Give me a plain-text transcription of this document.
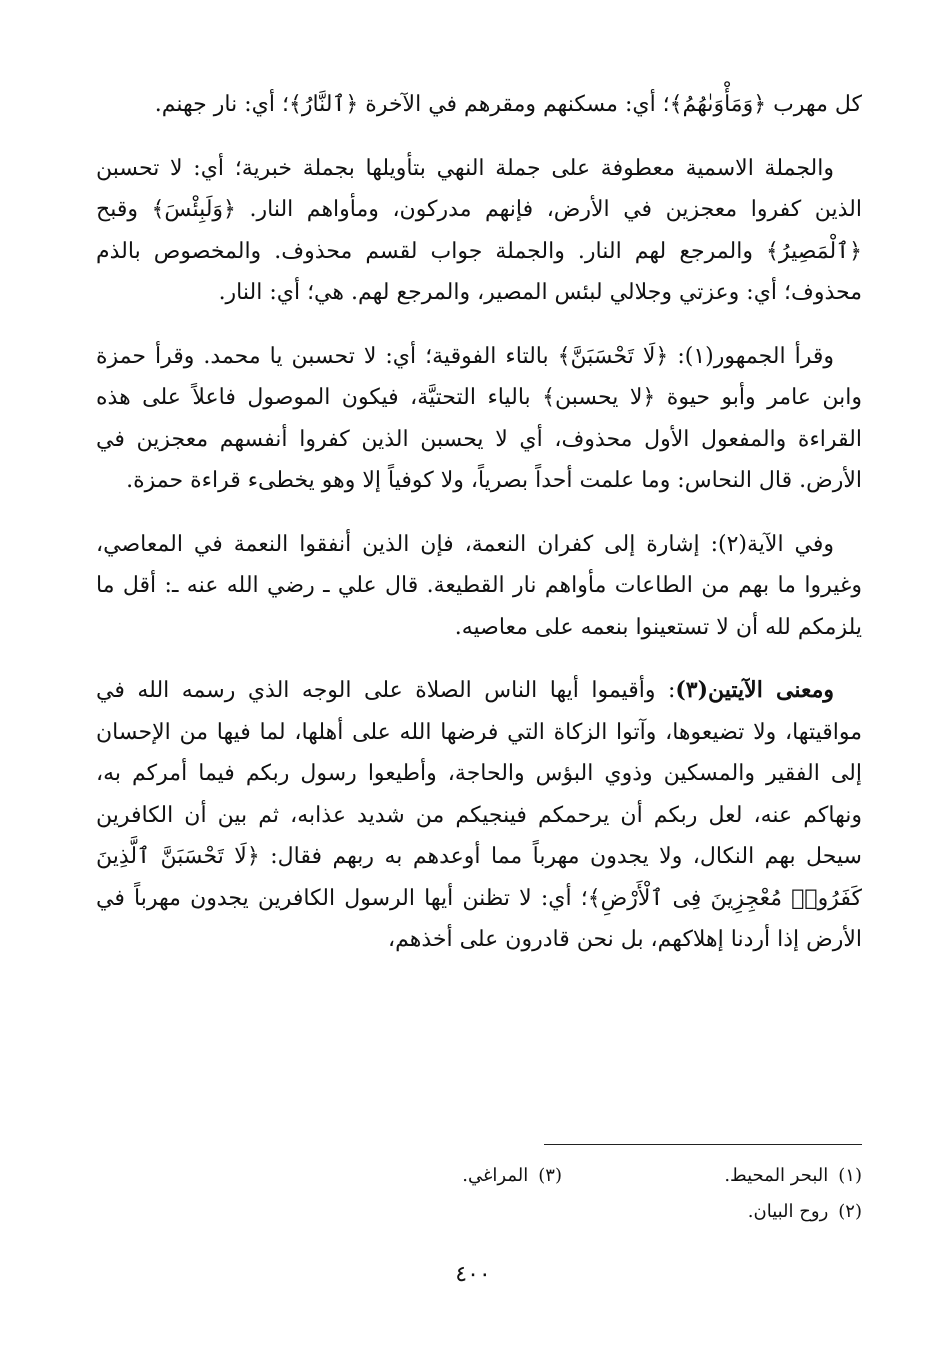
كل مهرب ﴿وَمَأْوَىٰهُمُ﴾؛ أي: مسكنهم ومقرهم في الآخرة ﴿ٱلنَّارُ﴾؛ أي: نار جهنم.

والجملة الاسمية معطوفة على جملة النهي بتأويلها بجملة خبرية؛ أي: لا تحسبن الذين كفروا معجزين في الأرض، فإنهم مدركون، ومأواهم النار. ﴿وَلَبِئْسَ﴾ وقبح ﴿ٱلْمَصِيرُ﴾ والمرجع لهم النار. والجملة جواب لقسم محذوف. والمخصوص بالذم محذوف؛ أي: وعزتي وجلالي لبئس المصير، والمرجع لهم. هي؛ أي: النار.

وقرأ الجمهور(١): ﴿لَا تَحْسَبَنَّ﴾ بالتاء الفوقية؛ أي: لا تحسبن يا محمد. وقرأ حمزة وابن عامر وأبو حيوة ﴿لا يحسبن﴾ بالياء التحتيَّة، فيكون الموصول فاعلاً على هذه القراءة والمفعول الأول محذوف، أي لا يحسبن الذين كفروا أنفسهم معجزين في الأرض. قال النحاس: وما علمت أحداً بصرياً، ولا كوفياً إلا وهو يخطىء قراءة حمزة.

وفي الآية(٢): إشارة إلى كفران النعمة، فإن الذين أنفقوا النعمة في المعاصي، وغيروا ما بهم من الطاعات مأواهم نار القطيعة. قال علي ـ رضي الله عنه ـ: أقل ما يلزمكم لله أن لا تستعينوا بنعمه على معاصيه.

ومعنى الآيتين(٣): وأقيموا أيها الناس الصلاة على الوجه الذي رسمه الله في مواقيتها، ولا تضيعوها، وآتوا الزكاة التي فرضها الله على أهلها، لما فيها من الإحسان إلى الفقير والمسكين وذوي البؤس والحاجة، وأطيعوا رسول ربكم فيما أمركم به، ونهاكم عنه، لعل ربكم أن يرحمكم فينجيكم من شديد عذابه، ثم بين أن الكافرين سيحل بهم النكال، ولا يجدون مهرباً مما أوعدهم به ربهم فقال: ﴿لَا تَحْسَبَنَّ ٱلَّذِينَ كَفَرُوا۟ مُعْجِزِينَ فِى ٱلْأَرْضِ﴾؛ أي: لا تظنن أيها الرسول الكافرين يجدون مهرباً في الأرض إذا أردنا إهلاكهم، بل نحن قادرون على أخذهم،

(١)البحر المحيط.
(٣)المراغي.
(٢)روح البيان.
٤٠٠
